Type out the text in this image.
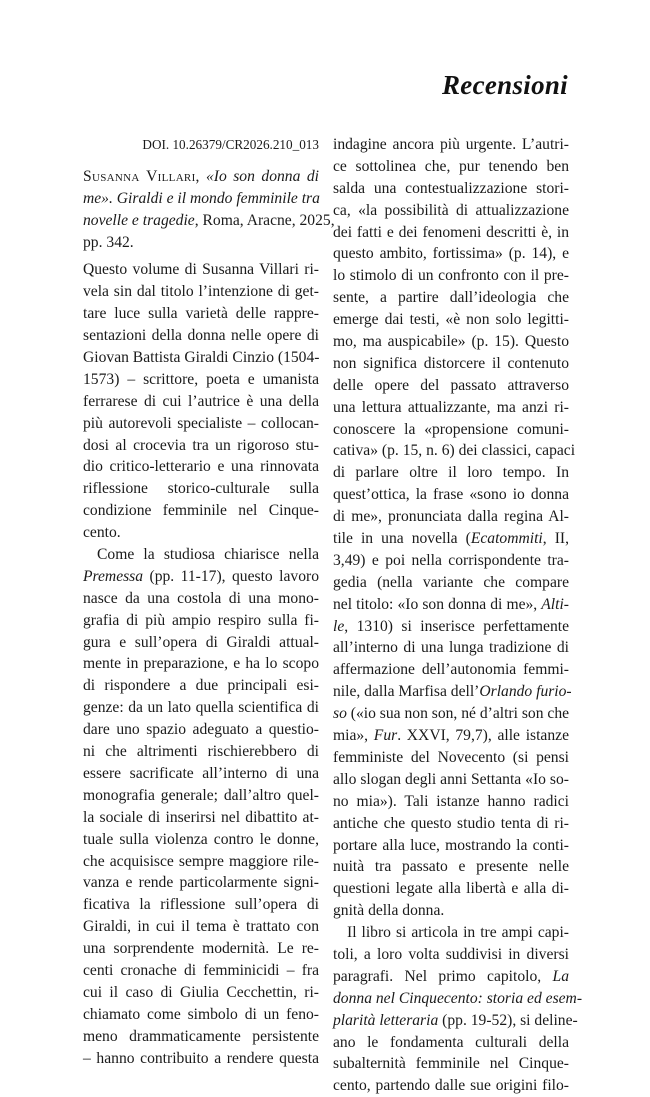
Recensioni
DOI. 10.26379/CR2026.210_013
Susanna Villari, «Io son donna di
me». Giraldi e il mondo femminile tra
novelle e tragedie, Roma, Aracne, 2025,
pp. 342.
Questo volume di Susanna Villari ri-
vela sin dal titolo l’intenzione di get-
tare luce sulla varietà delle rappre-
sentazioni della donna nelle opere di
Giovan Battista Giraldi Cinzio (1504-
1573) – scrittore, poeta e umanista
ferrarese di cui l’autrice è una della
più autorevoli specialiste – collocan-
dosi al crocevia tra un rigoroso stu-
dio critico-letterario e una rinnovata
riflessione storico-culturale sulla
condizione femminile nel Cinque-
cento.
Come la studiosa chiarisce nella
Premessa (pp. 11-17), questo lavoro
nasce da una costola di una mono-
grafia di più ampio respiro sulla fi-
gura e sull’opera di Giraldi attual-
mente in preparazione, e ha lo scopo
di rispondere a due principali esi-
genze: da un lato quella scientifica di
dare uno spazio adeguato a questio-
ni che altrimenti rischierebbero di
essere sacrificate all’interno di una
monografia generale; dall’altro quel-
la sociale di inserirsi nel dibattito at-
tuale sulla violenza contro le donne,
che acquisisce sempre maggiore rile-
vanza e rende particolarmente signi-
ficativa la riflessione sull’opera di
Giraldi, in cui il tema è trattato con
una sorprendente modernità. Le re-
centi cronache di femminicidi – fra
cui il caso di Giulia Cecchettin, ri-
chiamato come simbolo di un feno-
meno drammaticamente persistente
– hanno contribuito a rendere questa
indagine ancora più urgente. L’autri-
ce sottolinea che, pur tenendo ben
salda una contestualizzazione stori-
ca, «la possibilità di attualizzazione
dei fatti e dei fenomeni descritti è, in
questo ambito, fortissima» (p. 14), e
lo stimolo di un confronto con il pre-
sente, a partire dall’ideologia che
emerge dai testi, «è non solo legitti-
mo, ma auspicabile» (p. 15). Questo
non significa distorcere il contenuto
delle opere del passato attraverso
una lettura attualizzante, ma anzi ri-
conoscere la «propensione comuni-
cativa» (p. 15, n. 6) dei classici, capaci
di parlare oltre il loro tempo. In
quest’ottica, la frase «sono io donna
di me», pronunciata dalla regina Al-
tile in una novella (Ecatommiti, II,
3,49) e poi nella corrispondente tra-
gedia (nella variante che compare
nel titolo: «Io son donna di me», Alti-
le, 1310) si inserisce perfettamente
all’interno di una lunga tradizione di
affermazione dell’autonomia femmi-
nile, dalla Marfisa dell’Orlando furio-
so («io sua non son, né d’altri son che
mia», Fur. XXVI, 79,7), alle istanze
femministe del Novecento (si pensi
allo slogan degli anni Settanta «Io so-
no mia»). Tali istanze hanno radici
antiche che questo studio tenta di ri-
portare alla luce, mostrando la conti-
nuità tra passato e presente nelle
questioni legate alla libertà e alla di-
gnità della donna.
Il libro si articola in tre ampi capi-
toli, a loro volta suddivisi in diversi
paragrafi. Nel primo capitolo, La
donna nel Cinquecento: storia ed esem-
plarità letteraria (pp. 19-52), si deline-
ano le fondamenta culturali della
subalternità femminile nel Cinque-
cento, partendo dalle sue origini filo-
